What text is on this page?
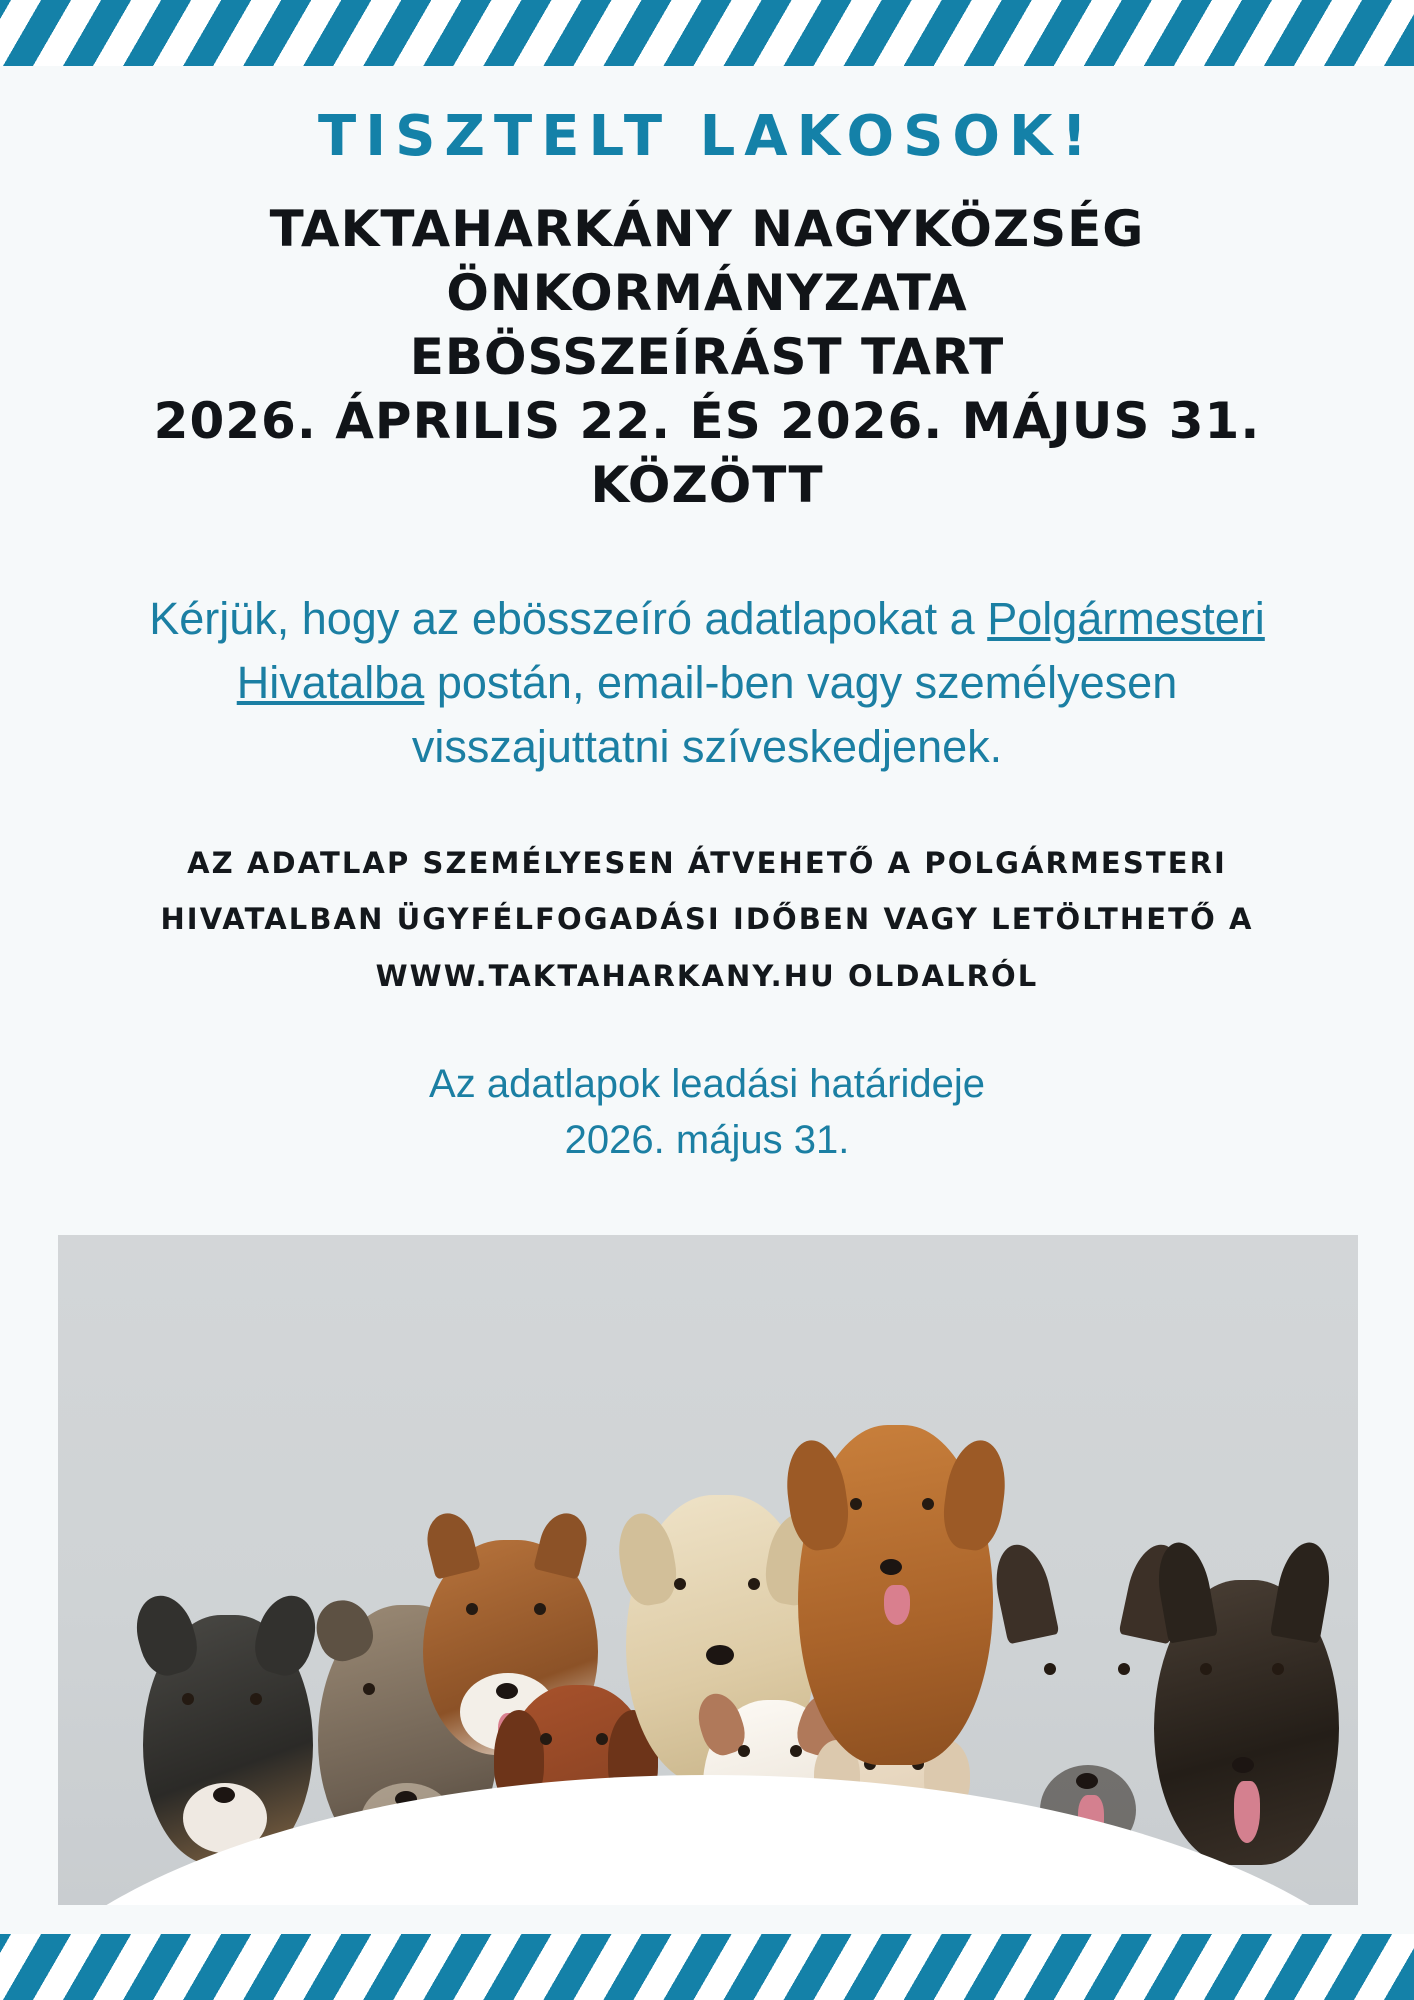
TISZTELT LAKOSOK!
TAKTAHARKÁNY NAGYKÖZSÉG ÖNKORMÁNYZATA
EBÖSSZEÍRÁST TART
2026. ÁPRILIS 22. ÉS 2026. MÁJUS 31. KÖZÖTT
Kérjük, hogy az ebösszeíró adatlapokat a Polgármesteri Hivatalba postán, email-ben vagy személyesen visszajuttatni szíveskedjenek.
AZ ADATLAP SZEMÉLYESEN ÁTVEHETŐ A POLGÁRMESTERI
HIVATALBAN ÜGYFÉLFOGADÁSI IDŐBEN VAGY LETÖLTHETŐ A
WWW.TAKTAHARKANY.HU OLDALRÓL
Az adatlapok leadási határideje
2026. május 31.
